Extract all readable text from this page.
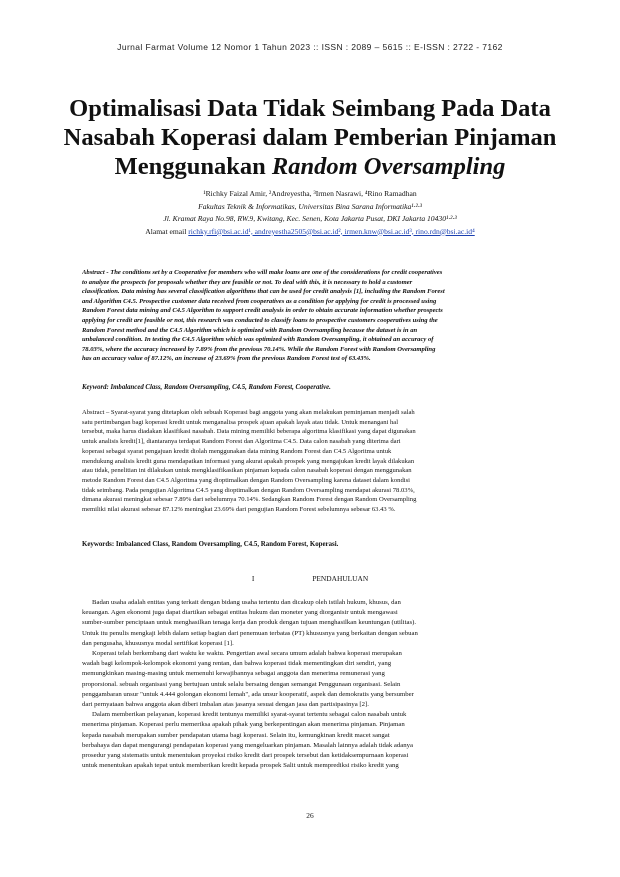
Jurnal Farmat Volume 12 Nomor 1 Tahun 2023 :: ISSN : 2089 – 5615 :: E-ISSN : 2722 - 7162
Optimalisasi Data Tidak Seimbang Pada Data
Nasabah Koperasi dalam Pemberian Pinjaman
Menggunakan Random Oversampling
¹Richky Faizal Amir, ²Andreyestha, ³Irmen Nasrawi, ⁴Rino Ramadhan
Fakultas Teknik & Informatikas, Universitas Bina Sarana Informatika¹·²·³
Jl. Kramat Raya No.98, RW.9, Kwitang, Kec. Senen, Kota Jakarta Pusat, DKI Jakarta 10430¹·²·³
Alamat email richky.rfi@bsi.ac.id¹, andreyestha2505@bsi.ac.id², irmen.knw@bsi.ac.id³, rino.rdn@bsi.ac.id⁴
Abstract - The conditions set by a Cooperative for members who will make loans are one of the considerations for credit cooperatives
to analyze the prospects for proposals whether they are feasible or not. To deal with this, it is necessary to hold a customer
classification. Data mining has several classification algorithms that can be used for credit analysis [1], including the Random Forest
and Algorithm C4.5. Prospective customer data received from cooperatives as a condition for applying for credit is processed using
Random Forest data mining and C4.5 Algorithm to support credit analysis in order to obtain accurate information whether prospects
applying for credit are feasible or not, this research was conducted to classify loans to prospective customers cooperatives using the
Random Forest method and the C4.5 Algorithm which is optimized with Random Oversampling because the dataset is in an
unbalanced condition. In testing the C4.5 Algorithm which was optimized with Random Oversampling, it obtained an accuracy of
78.03%, where the accuracy increased by 7.89% from the previous 70.14%. While the Random Forest with Random Oversampling
has an accuracy value of 87.12%, an increase of 23.69% from the previous Random Forest test of 63.43%.
Keyword: Imbalanced Class, Random Oversampling, C4.5, Random Forest, Cooperative.
Abstract – Syarat-syarat yang ditetapkan oleh sebuah Koperasi bagi anggota yang akan melakukan peminjaman menjadi salah
satu pertimbangan bagi koperasi kredit untuk menganalisa prospek ajuan apakah layak atau tidak. Untuk menangani hal
tersebut, maka harus diadakan klasifikasi nasabah. Data mining memiliki beberapa algoritma klasifikasi yang dapat digunakan
untuk analisis kredit[1], diantaranya terdapat Random Forest dan Algoritma C4.5. Data calon nasabah yang diterima dari
koperasi sebagai syarat pengajuan kredit diolah menggunakan data mining Random Forest dan C4.5 Algoritma untuk
mendukung analisis kredit guna mendapatkan informasi yang akurat apakah prospek yang mengajukan kredit layak dilakukan
atau tidak, penelitian ini dilakukan untuk mengklasifikasikan pinjaman kepada calon nasabah koperasi dengan menggunakan
metode Random Forest dan C4.5 Algoritma yang dioptimalkan dengan Random Oversampling karena dataset dalam kondisi
tidak seimbang. Pada pengujian Algoritma C4.5 yang dioptimalkan dengan Random Oversampling mendapat akurasi 78.03%,
dimana akurasi meningkat sebesar 7.89% dari sebelumnya 70.14%. Sedangkan Random Forest dengan Random Oversampling
memiliki nilai akurasi sebesar 87.12% meningkat 23.69% dari pengujian Random Forest sebelumnya sebesar 63.43 %.
Keywords: Imbalanced Class, Random Oversampling, C4.5, Random Forest, Koperasi.
I	PENDAHULUAN
Badan usaha adalah entitas yang terkait dengan bidang usaha tertentu dan dicakup oleh istilah hukum, khusus, dan
keuangan. Agen ekonomi juga dapat diartikan sebagai entitas hukum dan moneter yang diorganisir untuk mengawasi
sumber-sumber penciptaan untuk menghasilkan tenaga kerja dan produk dengan tujuan menghasilkan keuntungan (utilitas).
Untuk itu penulis mengkaji lebih dalam setiap bagian dari penemuan terbatas (PT) khususnya yang berkaitan dengan sebuan
dan pengusaha, khususnya modal sertifikat koperasi [1].
Koperasi telah berkembang dari waktu ke waktu. Pengertian awal secara umum adalah bahwa koperasi merupakan
wadah bagi kelompok-kelompok ekonomi yang rentan, dan bahwa koperasi tidak mementingkan diri sendiri, yang
memungkinkan masing-masing untuk memenuhi kewajibannya sebagai anggota dan menerima remunerasi yang
proporsional. sebuah organisasi yang bertujuan untuk selalu bersaing dengan semangat Penggunaan organisasi. Selain
penggambaran unsur "untuk 4.444 golongan ekonomi lemah", ada unsur kooperatif, aspek dan demokratis yang bersumber
dari pernyataan bahwa anggota akan diberi imbalan atas jasanya sesuai dengan jasa dan partisipasinya [2].
Dalam memberikan pelayanan, koperasi kredit tentunya memiliki syarat-syarat tertentu sebagai calon nasabah untuk
menerima pinjaman. Koperasi perlu memeriksa apakah pihak yang berkepentingan akan menerima pinjaman. Pinjaman
kepada nasabah merupakan sumber pendapatan utama bagi koperasi. Selain itu, kemungkinan kredit macet sangat
berbahaya dan dapat mengurangi pendapatan koperasi yang mengeluarkan pinjaman. Masalah lainnya adalah tidak adanya
prosedur yang sistematis untuk menentukan proyeksi risiko kredit dari prospek tersebut dan ketidaksempurnaan koperasi
untuk menentukan apakah tepat untuk memberikan kredit kepada prospek Salit untuk memprediksi risiko kredit yang
26
